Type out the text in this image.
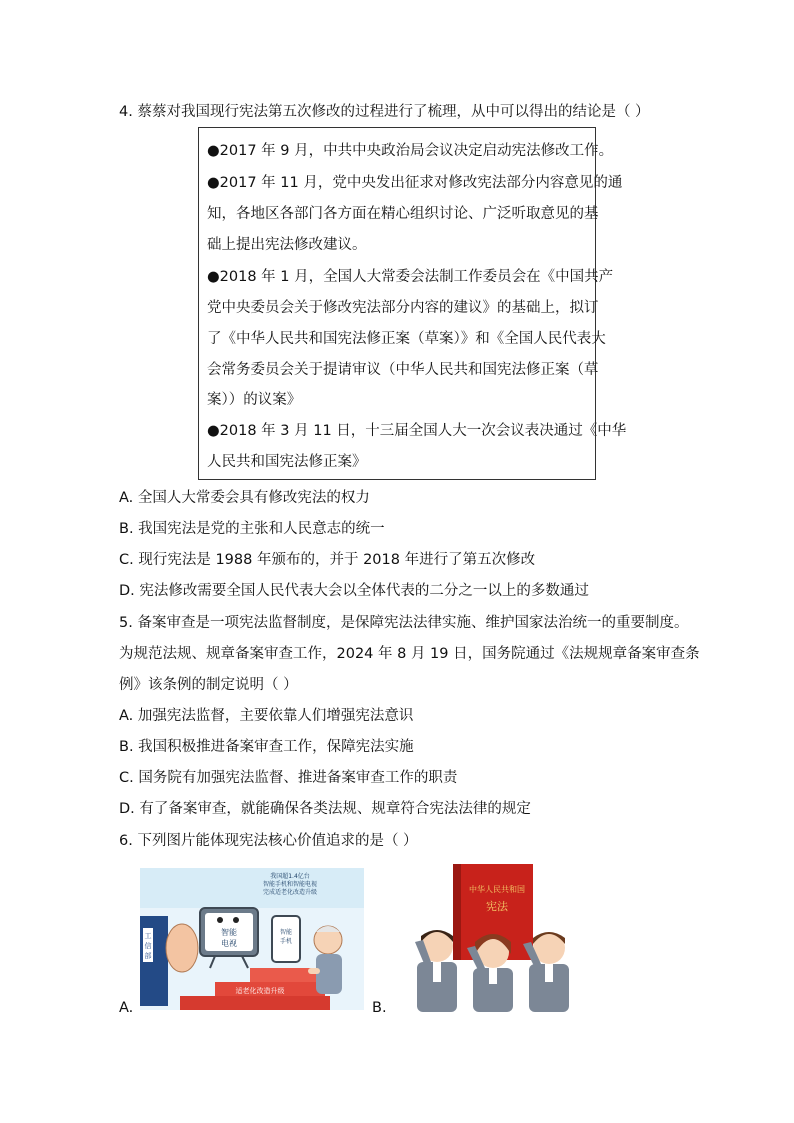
4. 蔡蔡对我国现行宪法第五次修改的过程进行了梳理，从中可以得出的结论是（ ）
●2017 年 9 月，中共中央政治局会议决定启动宪法修改工作。
●2017 年 11 月，党中央发出征求对修改宪法部分内容意见的通
知，各地区各部门各方面在精心组织讨论、广泛听取意见的基
础上提出宪法修改建议。
●2018 年 1 月，全国人大常委会法制工作委员会在《中国共产
党中央委员会关于修改宪法部分内容的建议》的基础上，拟订
了《中华人民共和国宪法修正案（草案）》和《全国人民代表大
会常务委员会关于提请审议（中华人民共和国宪法修正案（草
案））的议案》
●2018 年 3 月 11 日，十三届全国人大一次会议表决通过《中华
人民共和国宪法修正案》
A. 全国人大常委会具有修改宪法的权力
B. 我国宪法是党的主张和人民意志的统一
C. 现行宪法是 1988 年颁布的，并于 2018 年进行了第五次修改
D. 宪法修改需要全国人民代表大会以全体代表的二分之一以上的多数通过
5. 备案审查是一项宪法监督制度，是保障宪法法律实施、维护国家法治统一的重要制度。
为规范法规、规章备案审查工作，2024 年 8 月 19 日，国务院通过《法规规章备案审查条
例》该条例的制定说明（ ）
A. 加强宪法监督，主要依靠人们增强宪法意识
B. 我国积极推进备案审查工作，保障宪法实施
C. 国务院有加强宪法监督、推进备案审查工作的职责
D. 有了备案审查，就能确保各类法规、规章符合宪法法律的规定
6. 下列图片能体现宪法核心价值追求的是（ ）
A.
我国超1.4亿台
智能手机和智能电视
完成适老化改造升级
适老化改造升级
工
信
部
智能
电视
智能
手机
B.
中华人民共和国
宪法
